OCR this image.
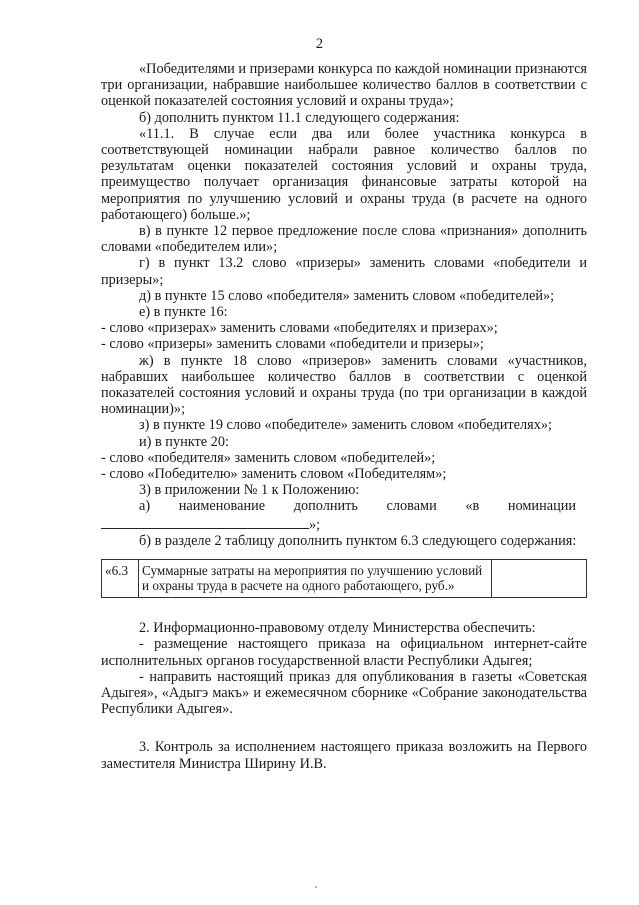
2

«Победителями и призерами конкурса по каждой номинации признаются три организации, набравшие наибольшее количество баллов в соответствии с оценкой показателей состояния условий и охраны труда»;

б) дополнить пунктом 11.1 следующего содержания:

«11.1. В случае если два или более участника конкурса в соответствующей номинации набрали равное количество баллов по результатам оценки показателей состояния условий и охраны труда, преимущество получает организация финансовые затраты которой на мероприятия по улучшению условий и охраны труда (в расчете на одного работающего) больше.»;

в) в пункте 12 первое предложение после слова «признания» дополнить словами «победителем или»;

г) в пункт 13.2 слово «призеры» заменить словами «победители и призеры»;

д) в пункте 15 слово «победителя» заменить словом «победителей»;

е) в пункте 16:

- слово «призерах» заменить словами «победителях и призерах»;

- слово «призеры» заменить словами «победители и призеры»;

ж) в пункте 18 слово «призеров» заменить словами «участников, набравших наибольшее количество баллов в соответствии с оценкой показателей состояния условий и охраны труда (по три организации в каждой номинации)»;

з) в пункте 19 слово «победителе» заменить словом «победителях»;

и) в пункте 20:

- слово «победителя» заменить словом «победителей»;

- слово «Победителю» заменить словом «Победителям»;

3) в приложении № 1 к Положению:

а)        наименование        дополнить        словами        «в        номинации

»;

б) в разделе 2 таблицу дополнить пунктом 6.3 следующего содержания:

«6.3	Суммарные затраты на мероприятия по улучшению условий и охраны труда в расчете на одного работающего, руб.»	

2. Информационно-правовому отделу Министерства обеспечить:

- размещение настоящего приказа на официальном интернет-сайте исполнительных органов государственной власти Республики Адыгея;

- направить настоящий приказ для опубликования в газеты «Советская Адыгея», «Адыгэ макъ» и ежемесячном сборнике «Собрание законодательства Республики Адыгея».

3. Контроль за исполнением настоящего приказа возложить на Первого заместителя Министра Ширину И.В.
